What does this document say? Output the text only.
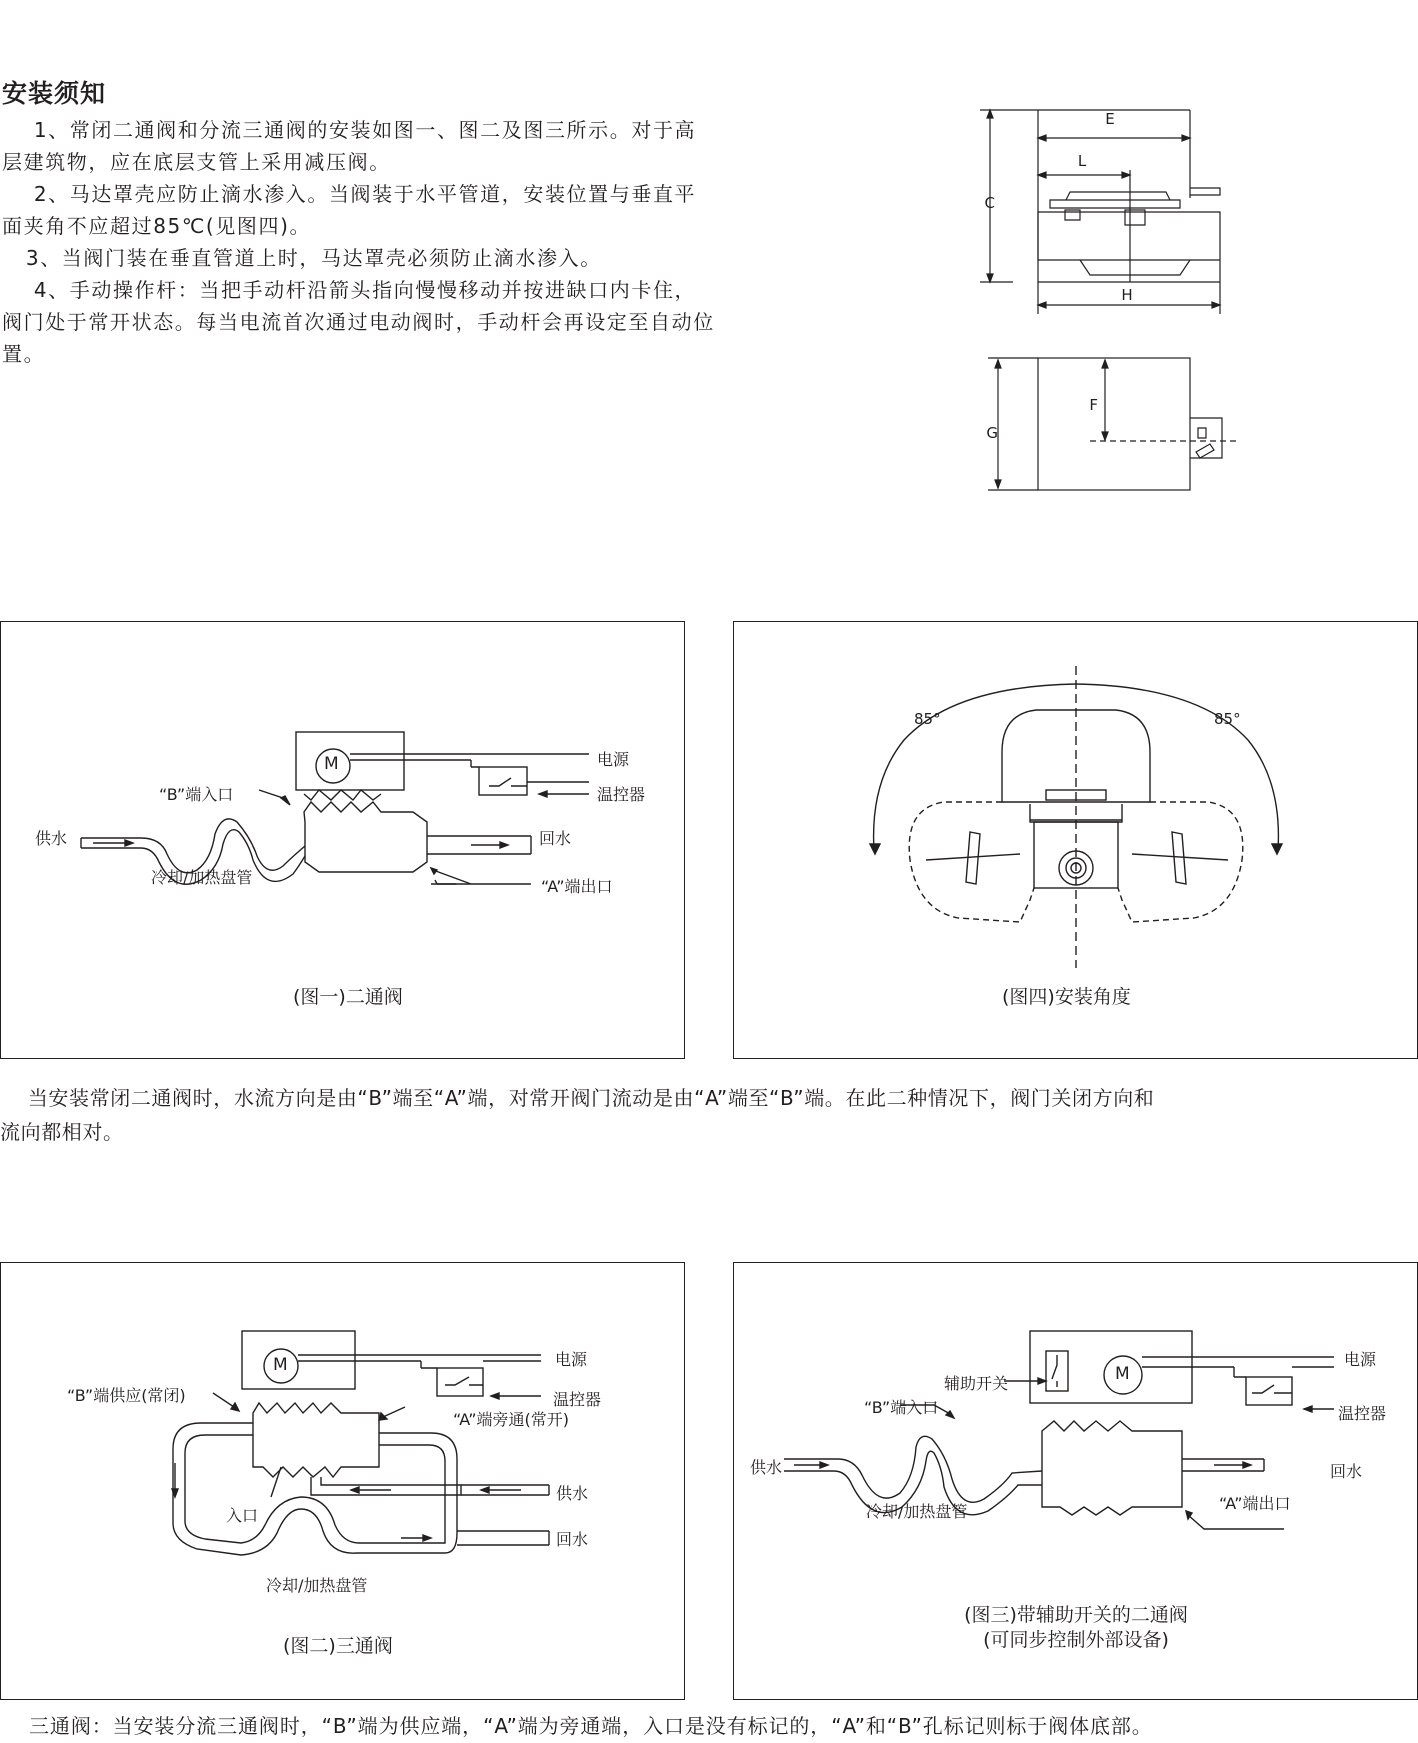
安装须知
1、常闭二通阀和分流三通阀的安装如图一、图二及图三所示。对于高
层建筑物，应在底层支管上采用减压阀。
2、马达罩壳应防止滴水渗入。当阀装于水平管道，安装位置与垂直平
面夹角不应超过85℃(见图四)。
3、当阀门装在垂直管道上时，马达罩壳必须防止滴水渗入。
4、手动操作杆：当把手动杆沿箭头指向慢慢移动并按进缺口内卡住，
阀门处于常开状态。每当电流首次通过电动阀时，手动杆会再设定至自动位
置。
E
L
C
H
G
F
电源
温控器
“B”端入口
供水	回水
冷却/加热盘管	“A”端出口
(图一)二通阀
M
85°	85°
(图四)安装角度
当安装常闭二通阀时，水流方向是由“B”端至“A”端，对常开阀门流动是由“A”端至“B”端。在此二种情况下，阀门关闭方向和
流向都相对。
电源
温控器
“B”端供应(常闭)
“A”端旁通(常开)
入口
供水
回水
冷却/加热盘管
(图二)三通阀
M	电源
温控器
辅助开关
“B”端入口
供水	回水
冷却/加热盘管	“A”端出口
(图三)带辅助开关的二通阀
(可同步控制外部设备)
M
三通阀：当安装分流三通阀时，“B”端为供应端，“A”端为旁通端，入口是没有标记的，“A”和“B”孔标记则标于阀体底部。
